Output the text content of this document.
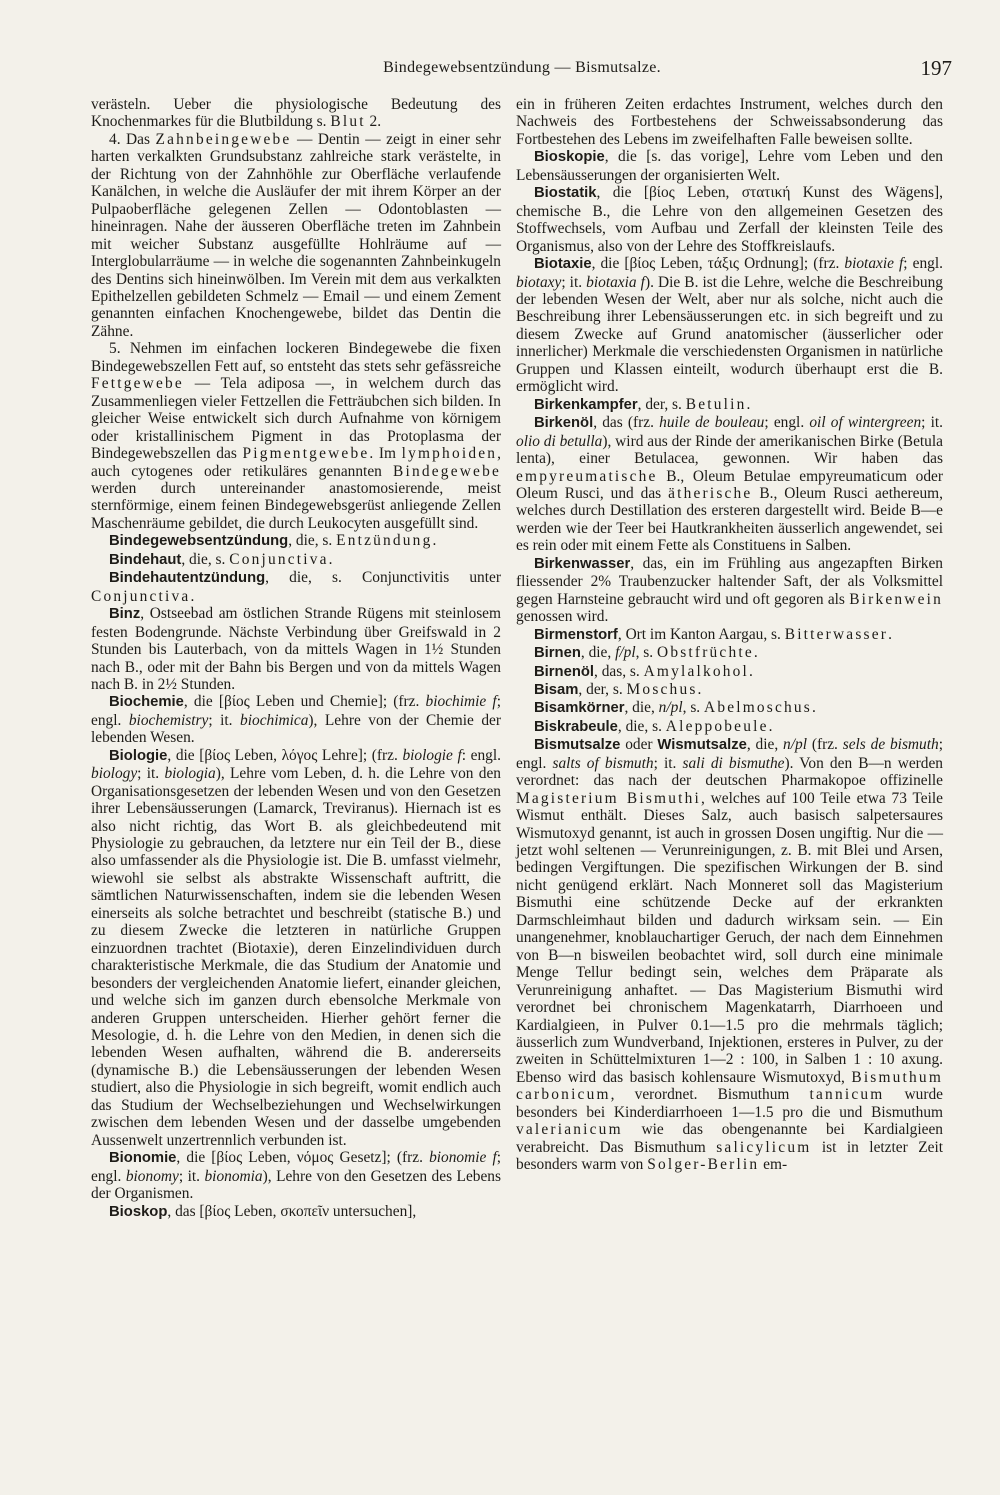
Bindegewebsentzündung — Bismutsalze.	197

verästeln. Ueber die physiologische Bedeutung des Knochenmarkes für die Blutbildung s. Blut 2.

4. Das Zahnbeingewebe — Dentin — zeigt in einer sehr harten verkalkten Grundsubstanz zahlreiche stark verästelte, in der Richtung von der Zahnhöhle zur Oberfläche verlaufende Kanälchen, in welche die Ausläufer der mit ihrem Körper an der Pulpaoberfläche gelegenen Zellen — Odontoblasten — hineinragen. Nahe der äusseren Oberfläche treten im Zahnbein mit weicher Substanz ausgefüllte Hohlräume auf — Interglobularräume — in welche die sogenannten Zahnbeinkugeln des Dentins sich hineinwölben. Im Verein mit dem aus verkalkten Epithelzellen gebildeten Schmelz — Email — und einem Zement genannten einfachen Knochengewebe, bildet das Dentin die Zähne.

5. Nehmen im einfachen lockeren Bindegewebe die fixen Bindegewebszellen Fett auf, so entsteht das stets sehr gefässreiche Fettgewebe — Tela adiposa —, in welchem durch das Zusammenliegen vieler Fettzellen die Fetträubchen sich bilden. In gleicher Weise entwickelt sich durch Aufnahme von körnigem oder kristallinischem Pigment in das Protoplasma der Bindegewebszellen das Pigmentgewebe. Im lymphoiden, auch cytogenes oder retikuläres genannten Bindegewebe werden durch untereinander anastomosierende, meist sternförmige, einem feinen Bindegewebsgerüst anliegende Zellen Maschenräume gebildet, die durch Leukocyten ausgefüllt sind.

Bindegewebsentzündung, die, s. Entzündung.

Bindehaut, die, s. Conjunctiva.

Bindehautentzündung, die, s. Conjunctivitis unter Conjunctiva.

Binz, Ostseebad am östlichen Strande Rügens mit steinlosem festen Bodengrunde. Nächste Verbindung über Greifswald in 2 Stunden bis Lauterbach, von da mittels Wagen in 1½ Stunden nach B., oder mit der Bahn bis Bergen und von da mittels Wagen nach B. in 2½ Stunden.

Biochemie, die [βίος Leben und Chemie]; (frz. biochimie f; engl. biochemistry; it. biochimica), Lehre von der Chemie der lebenden Wesen.

Biologie, die [βίος Leben, λόγος Lehre]; (frz. biologie f: engl. biology; it. biologia), Lehre vom Leben, d. h. die Lehre von den Organisationsgesetzen der lebenden Wesen und von den Gesetzen ihrer Lebensäusserungen (Lamarck, Treviranus). Hiernach ist es also nicht richtig, das Wort B. als gleichbedeutend mit Physiologie zu gebrauchen, da letztere nur ein Teil der B., diese also umfassender als die Physiologie ist. Die B. umfasst vielmehr, wiewohl sie selbst als abstrakte Wissenschaft auftritt, die sämtlichen Naturwissenschaften, indem sie die lebenden Wesen einerseits als solche betrachtet und beschreibt (statische B.) und zu diesem Zwecke die letzteren in natürliche Gruppen einzuordnen trachtet (Biotaxie), deren Einzelindividuen durch charakteristische Merkmale, die das Studium der Anatomie und besonders der vergleichenden Anatomie liefert, einander gleichen, und welche sich im ganzen durch ebensolche Merkmale von anderen Gruppen unterscheiden. Hierher gehört ferner die Mesologie, d. h. die Lehre von den Medien, in denen sich die lebenden Wesen aufhalten, während die B. andererseits (dynamische B.) die Lebensäusserungen der lebenden Wesen studiert, also die Physiologie in sich begreift, womit endlich auch das Studium der Wechselbeziehungen und Wechselwirkungen zwischen dem lebenden Wesen und der dasselbe umgebenden Aussenwelt unzertrennlich verbunden ist.

Bionomie, die [βίος Leben, νόμος Gesetz]; (frz. bionomie f; engl. bionomy; it. bionomia), Lehre von den Gesetzen des Lebens der Organismen.

Bioskop, das [βίος Leben, σκοπεῖν untersuchen],

ein in früheren Zeiten erdachtes Instrument, welches durch den Nachweis des Fortbestehens der Schweissabsonderung das Fortbestehen des Lebens im zweifelhaften Falle beweisen sollte.

Bioskopie, die [s. das vorige], Lehre vom Leben und den Lebensäusserungen der organisierten Welt.

Biostatik, die [βίος Leben, στατική Kunst des Wägens], chemische B., die Lehre von den allgemeinen Gesetzen des Stoffwechsels, vom Aufbau und Zerfall der kleinsten Teile des Organismus, also von der Lehre des Stoffkreislaufs.

Biotaxie, die [βίος Leben, τάξις Ordnung]; (frz. biotaxie f; engl. biotaxy; it. biotaxia f). Die B. ist die Lehre, welche die Beschreibung der lebenden Wesen der Welt, aber nur als solche, nicht auch die Beschreibung ihrer Lebensäusserungen etc. in sich begreift und zu diesem Zwecke auf Grund anatomischer (äusserlicher oder innerlicher) Merkmale die verschiedensten Organismen in natürliche Gruppen und Klassen einteilt, wodurch überhaupt erst die B. ermöglicht wird.

Birkenkampfer, der, s. Betulin.

Birkenöl, das (frz. huile de bouleau; engl. oil of wintergreen; it. olio di betulla), wird aus der Rinde der amerikanischen Birke (Betula lenta), einer Betulacea, gewonnen. Wir haben das empyreumatische B., Oleum Betulae empyreumaticum oder Oleum Rusci, und das ätherische B., Oleum Rusci aethereum, welches durch Destillation des ersteren dargestellt wird. Beide B—e werden wie der Teer bei Hautkrankheiten äusserlich angewendet, sei es rein oder mit einem Fette als Constituens in Salben.

Birkenwasser, das, ein im Frühling aus angezapften Birken fliessender 2% Traubenzucker haltender Saft, der als Volksmittel gegen Harnsteine gebraucht wird und oft gegoren als Birkenwein genossen wird.

Birmenstorf, Ort im Kanton Aargau, s. Bitterwasser.

Birnen, die, f/pl, s. Obstfrüchte.

Birnenöl, das, s. Amylalkohol.

Bisam, der, s. Moschus.

Bisamkörner, die, n/pl, s. Abelmoschus.

Biskrabeule, die, s. Aleppobeule.

Bismutsalze oder Wismutsalze, die, n/pl (frz. sels de bismuth; engl. salts of bismuth; it. sali di bismuthe). Von den B—n werden verordnet: das nach der deutschen Pharmakopoe offizinelle Magisterium Bismuthi, welches auf 100 Teile etwa 73 Teile Wismut enthält. Dieses Salz, auch basisch salpetersaures Wismutoxyd genannt, ist auch in grossen Dosen ungiftig. Nur die — jetzt wohl seltenen — Verunreinigungen, z. B. mit Blei und Arsen, bedingen Vergiftungen. Die spezifischen Wirkungen der B. sind nicht genügend erklärt. Nach Monneret soll das Magisterium Bismuthi eine schützende Decke auf der erkrankten Darmschleimhaut bilden und dadurch wirksam sein. — Ein unangenehmer, knoblauchartiger Geruch, der nach dem Einnehmen von B—n bisweilen beobachtet wird, soll durch eine minimale Menge Tellur bedingt sein, welches dem Präparate als Verunreinigung anhaftet. — Das Magisterium Bismuthi wird verordnet bei chronischem Magenkatarrh, Diarrhoeen und Kardialgieen, in Pulver 0.1—1.5 pro die mehrmals täglich; äusserlich zum Wundverband, Injektionen, ersteres in Pulver, zu der zweiten in Schüttelmixturen 1—2 : 100, in Salben 1 : 10 axung. Ebenso wird das basisch kohlensaure Wismutoxyd, Bismuthum carbonicum, verordnet. Bismuthum tannicum wurde besonders bei Kinderdiarrhoeen 1—1.5 pro die und Bismuthum valerianicum wie das obengenannte bei Kardialgieen verabreicht. Das Bismuthum salicylicum ist in letzter Zeit besonders warm von Solger-Berlin em-
